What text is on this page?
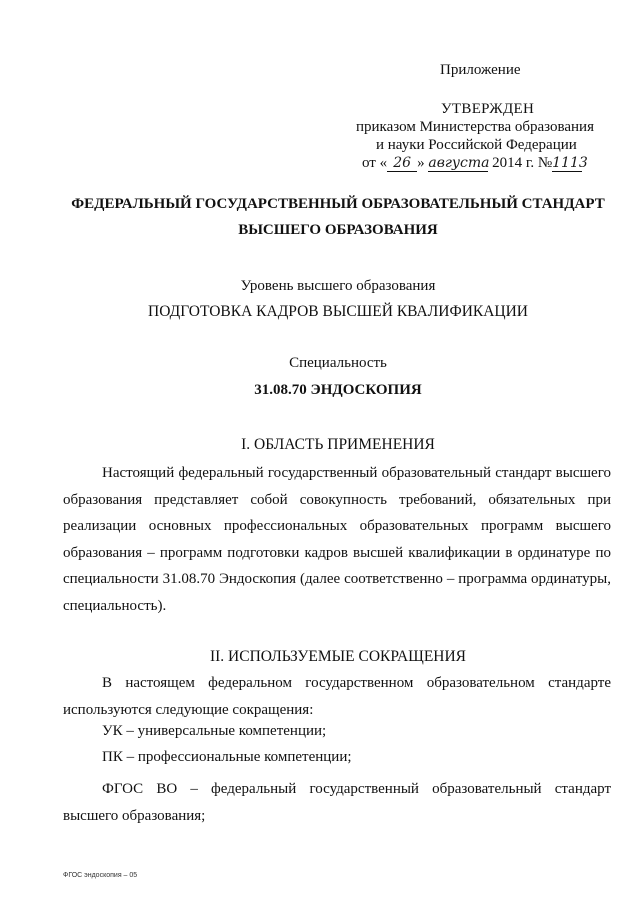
Приложение
УТВЕРЖДЕН
приказом Министерства образования
и науки Российской Федерации
от « 26 » августа 2014 г. №1113
ФЕДЕРАЛЬНЫЙ ГОСУДАРСТВЕННЫЙ ОБРАЗОВАТЕЛЬНЫЙ СТАНДАРТ
ВЫСШЕГО ОБРАЗОВАНИЯ
Уровень высшего образования
ПОДГОТОВКА КАДРОВ ВЫСШЕЙ КВАЛИФИКАЦИИ
Специальность
31.08.70 ЭНДОСКОПИЯ
I. ОБЛАСТЬ ПРИМЕНЕНИЯ
Настоящий федеральный государственный образовательный стандарт высшего образования представляет собой совокупность требований, обязательных при реализации основных профессиональных образовательных программ высшего образования – программ подготовки кадров высшей квалификации в ординатуре по специальности 31.08.70 Эндоскопия (далее соответственно – программа ординатуры, специальность).
II. ИСПОЛЬЗУЕМЫЕ СОКРАЩЕНИЯ
В настоящем федеральном государственном образовательном стандарте используются следующие сокращения:
УК – универсальные компетенции;
ПК – профессиональные компетенции;
ФГОС ВО – федеральный государственный образовательный стандарт высшего образования;
ФГОС эндоскопия – 05
